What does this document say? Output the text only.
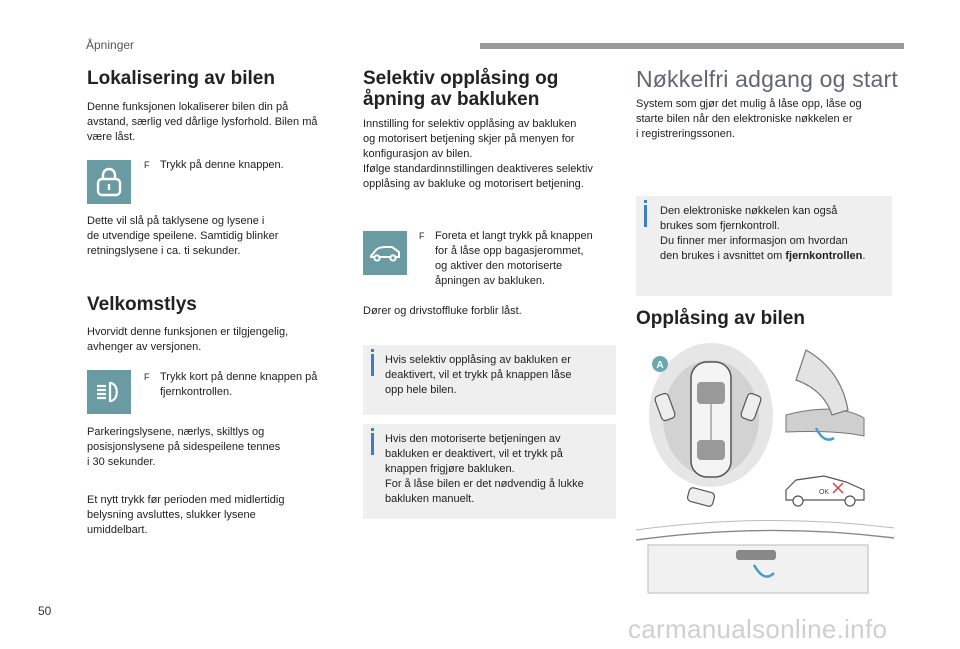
Åpninger
Lokalisering av bilen

Denne funksjonen lokaliserer bilen din på

avstand, særlig ved dårlige lysforhold. Bilen må

være låst.

F Trykk på denne knappen.

Dette vil slå på taklysene og lysene i

de utvendige speilene. Samtidig blinker

retningslysene i ca. ti sekunder.

Velkomstlys

Hvorvidt denne funksjonen er tilgjengelig,

avhenger av versjonen.

F Trykk kort på denne knappen på
fjernkontrollen.

Parkeringslysene, nærlys, skiltlys og

posisjonslysene på sidespeilene tennes

i 30 sekunder.

Et nytt trykk før perioden med midlertidig

belysning avsluttes, slukker lysene

umiddelbart.

Selektiv opplåsing og
åpning av bakluken

Innstilling for selektiv opplåsing av bakluken

og motorisert betjening skjer på menyen for

konfigurasjon av bilen.

Ifølge standardinnstillingen deaktiveres selektiv

opplåsing av bakluke og motorisert betjening.

F Foreta et langt trykk på knappen
for å låse opp bagasjerommet,
og aktiver den motoriserte
åpningen av bakluken.

Dører og drivstoffluke forblir låst.

Hvis selektiv opplåsing av bakluken er
deaktivert, vil et trykk på knappen låse
opp hele bilen.
Hvis den motoriserte betjeningen av
bakluken er deaktivert, vil et trykk på
knappen frigjøre bakluken.
For å låse bilen er det nødvendig å lukke
bakluken manuelt.
Nøkkelfri adgang og start

System som gjør det mulig å låse opp, låse og

starte bilen når den elektroniske nøkkelen er

i registreringssonen.

Den elektroniske nøkkelen kan også
brukes som fjernkontroll.
Du finner mer informasjon om hvordan
den brukes i avsnittet om fjernkontrollen.
Opplåsing av bilen
A
OK
50
carmanualsonline.info
